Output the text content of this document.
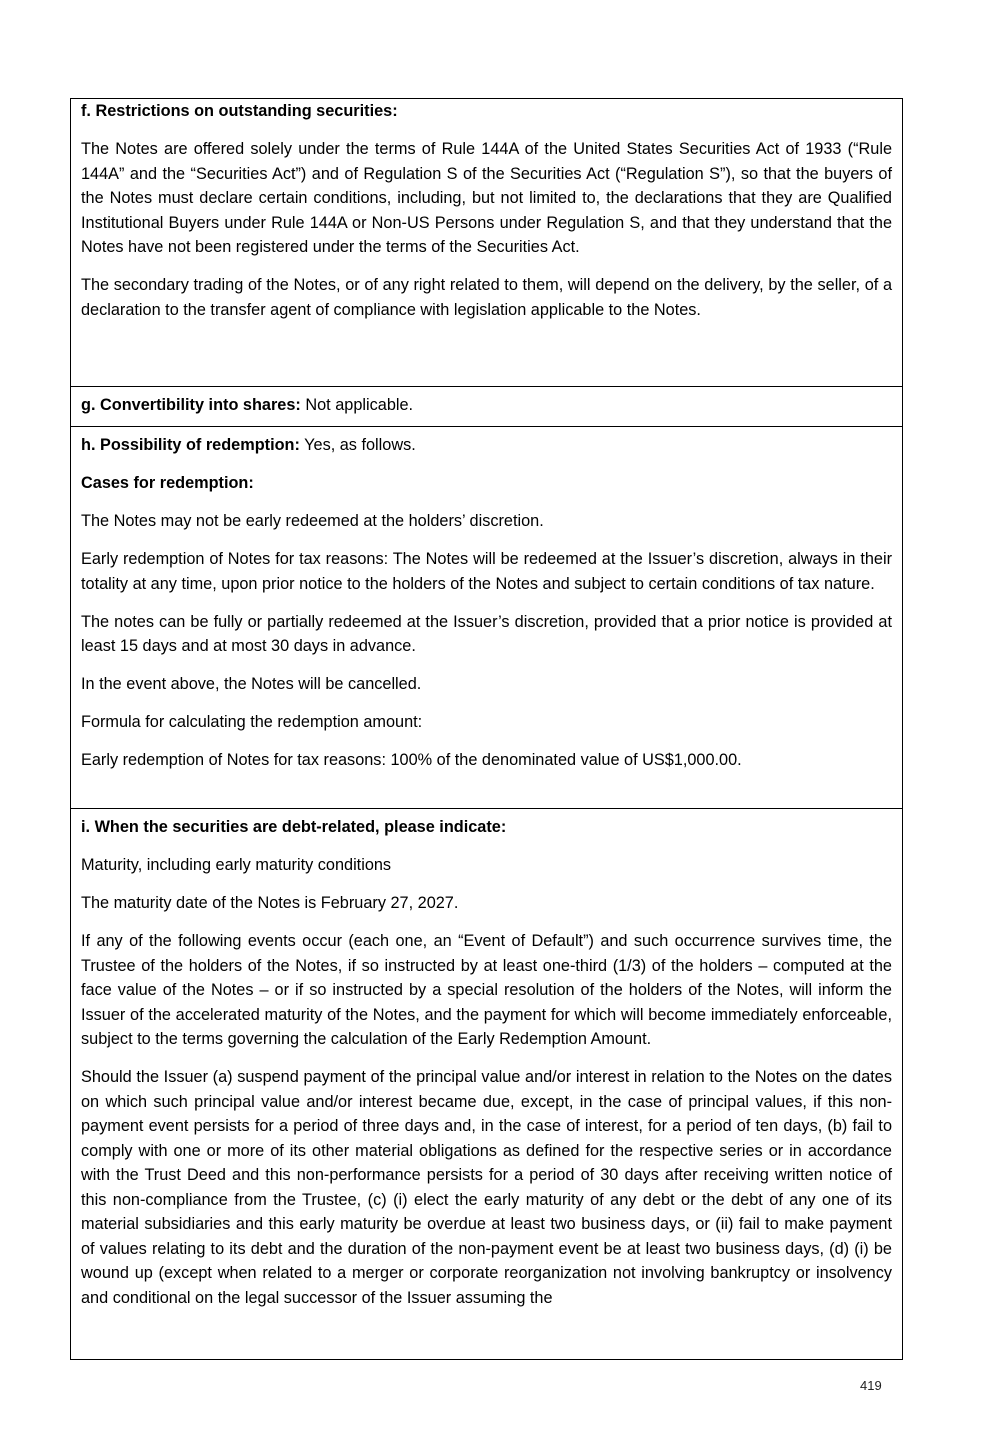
f. Restrictions on outstanding securities:

The Notes are offered solely under the terms of Rule 144A of the United States Securities Act of 1933 (“Rule 144A” and the “Securities Act”) and of Regulation S of the Securities Act (“Regulation S”), so that the buyers of the Notes must declare certain conditions, including, but not limited to, the declarations that they are Qualified Institutional Buyers under Rule 144A or Non-US Persons under Regulation S, and that they understand that the Notes have not been registered under the terms of the Securities Act.

The secondary trading of the Notes, or of any right related to them, will depend on the delivery, by the seller, of a declaration to the transfer agent of compliance with legislation applicable to the Notes.

g. Convertibility into shares: Not applicable.

h. Possibility of redemption: Yes, as follows.

Cases for redemption:

The Notes may not be early redeemed at the holders’ discretion.

Early redemption of Notes for tax reasons: The Notes will be redeemed at the Issuer’s discretion, always in their totality at any time, upon prior notice to the holders of the Notes and subject to certain conditions of tax nature.

The notes can be fully or partially redeemed at the Issuer’s discretion, provided that a prior notice is provided at least 15 days and at most 30 days in advance.

In the event above, the Notes will be cancelled.

Formula for calculating the redemption amount:

Early redemption of Notes for tax reasons: 100% of the denominated value of US$1,000.00.

i. When the securities are debt-related, please indicate:

Maturity, including early maturity conditions

The maturity date of the Notes is February 27, 2027.

If any of the following events occur (each one, an “Event of Default”) and such occurrence survives time, the Trustee of the holders of the Notes, if so instructed by at least one-third (1/3) of the holders – computed at the face value of the Notes – or if so instructed by a special resolution of the holders of the Notes, will inform the Issuer of the accelerated maturity of the Notes, and the payment for which will become immediately enforceable, subject to the terms governing the calculation of the Early Redemption Amount.

Should the Issuer (a) suspend payment of the principal value and/or interest in relation to the Notes on the dates on which such principal value and/or interest became due, except, in the case of principal values, if this non-payment event persists for a period of three days and, in the case of interest, for a period of ten days, (b) fail to comply with one or more of its other material obligations as defined for the respective series or in accordance with the Trust Deed and this non-performance persists for a period of 30 days after receiving written notice of this non-compliance from the Trustee, (c) (i) elect the early maturity of any debt or the debt of any one of its material subsidiaries and this early maturity be overdue at least two business days, or (ii) fail to make payment of values relating to its debt and the duration of the non-payment event be at least two business days, (d) (i) be wound up (except when related to a merger or corporate reorganization not involving bankruptcy or insolvency and conditional on the legal successor of the Issuer assuming the

419
